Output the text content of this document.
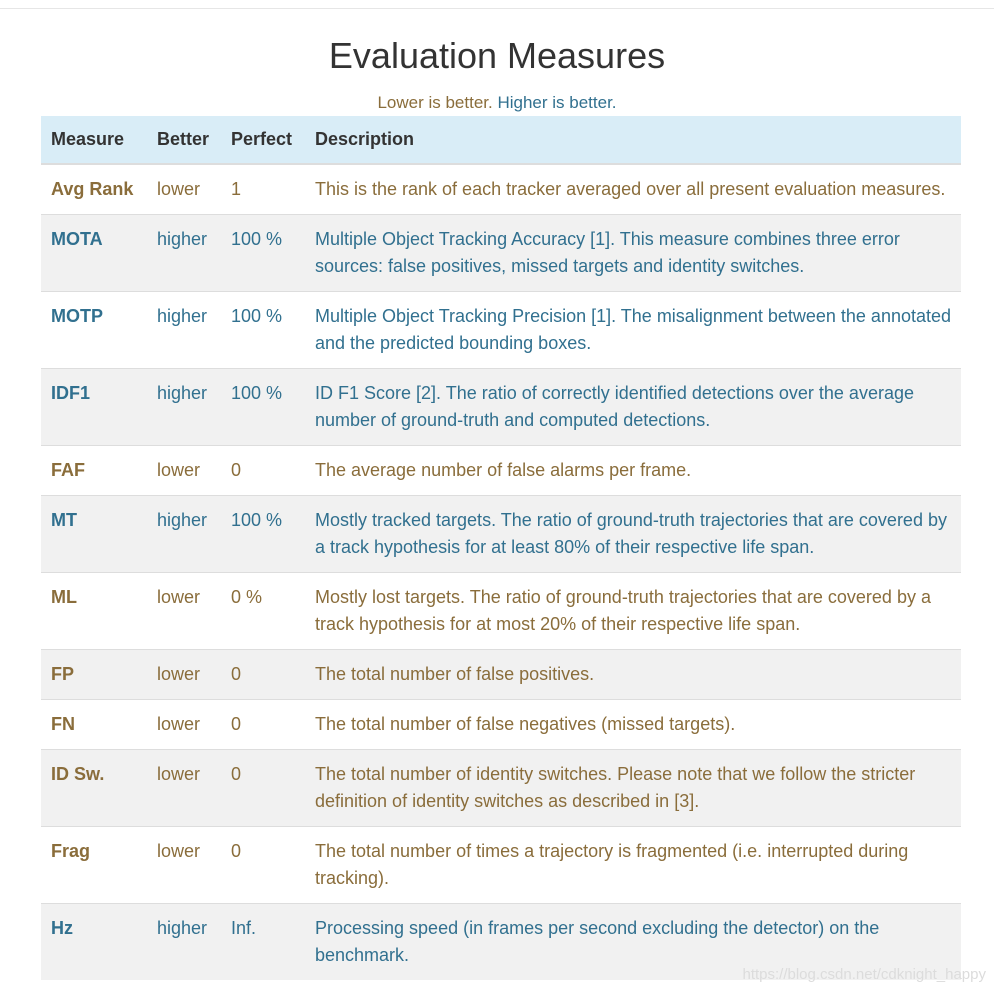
Evaluation Measures
Lower is better. Higher is better.
Measure	Better	Perfect	Description
Avg Rank	lower	1	This is the rank of each tracker averaged over all present evaluation measures.
MOTA	higher	100 %	Multiple Object Tracking Accuracy [1]. This measure combines three error sources: false positives, missed targets and identity switches.
MOTP	higher	100 %	Multiple Object Tracking Precision [1]. The misalignment between the annotated and the predicted bounding boxes.
IDF1	higher	100 %	ID F1 Score [2]. The ratio of correctly identified detections over the average number of ground-truth and computed detections.
FAF	lower	0	The average number of false alarms per frame.
MT	higher	100 %	Mostly tracked targets. The ratio of ground-truth trajectories that are covered by a track hypothesis for at least 80% of their respective life span.
ML	lower	0 %	Mostly lost targets. The ratio of ground-truth trajectories that are covered by a track hypothesis for at most 20% of their respective life span.
FP	lower	0	The total number of false positives.
FN	lower	0	The total number of false negatives (missed targets).
ID Sw.	lower	0	The total number of identity switches. Please note that we follow the stricter definition of identity switches as described in [3].
Frag	lower	0	The total number of times a trajectory is fragmented (i.e. interrupted during tracking).
Hz	higher	Inf.	Processing speed (in frames per second excluding the detector) on the benchmark.
https://blog.csdn.net/cdknight_happy
